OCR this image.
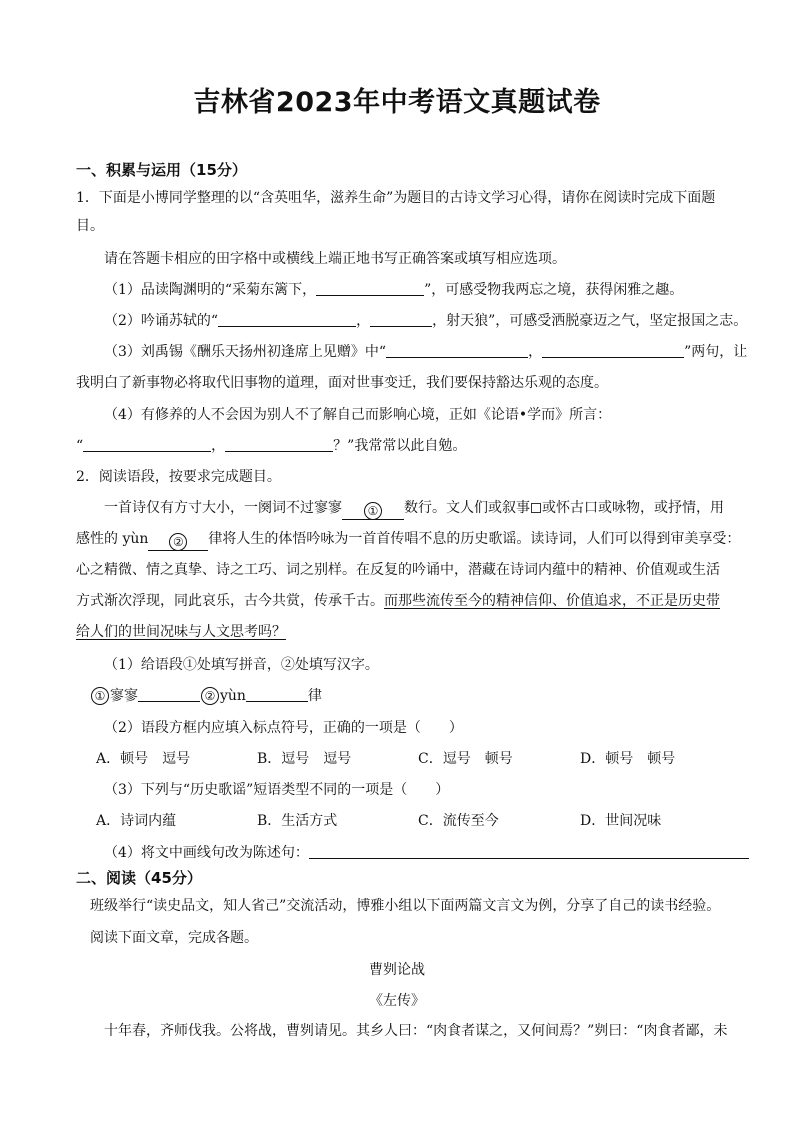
吉林省2023年中考语文真题试卷
一、积累与运用（15分）
1．下面是小博同学整理的以“含英咀华，滋养生命”为题目的古诗文学习心得，请你在阅读时完成下面题
目。
请在答题卡相应的田字格中或横线上端正地书写正确答案或填写相应选项。
（1）品读陶渊明的“采菊东篱下，	”，可感受物我两忘之境，获得闲雅之趣。
（2）吟诵苏轼的“	，	，射天狼”，可感受洒脱豪迈之气，坚定报国之志。
（3）刘禹锡《酬乐天扬州初逢席上见赠》中“	，	”两句，让
我明白了新事物必将取代旧事物的道理，面对世事变迁，我们要保持豁达乐观的态度。
（4）有修养的人不会因为别人不了解自己而影响心境，正如《论语•学而》所言：
“	，	？”我常常以此自勉。
2．阅读语段，按要求完成题目。
一首诗仅有方寸大小，一阕词不过寥寥 ① 数行。文人们或叙事 或怀古口或咏物，或抒情，用
感性的 yùn ② 律将人生的体悟吟咏为一首首传唱不息的历史歌谣。读诗词，人们可以得到审美享受：
心之精微、情之真挚、诗之工巧、词之别样。在反复的吟诵中，潜藏在诗词内蕴中的精神、价值观或生活
方式渐次浮现，同此哀乐，古今共赏，传承千古。而那些流传至今的精神信仰、价值追求，不正是历史带
给人们的世间况味与人文思考吗？
（1）给语段①处填写拼音，②处填写汉字。
① 寥寥	② yùn	律
（2）语段方框内应填入标点符号，正确的一项是（　　）
A．顿号　逗号	B．逗号　逗号	C．逗号　顿号	D．顿号　顿号
（3）下列与“历史歌谣”短语类型不同的一项是（　　）
A．诗词内蕴	B．生活方式	C．流传至今	D．世间况味
（4）将文中画线句改为陈述句：
二、阅读（45分）
班级举行“读史品文，知人省己”交流活动，博雅小组以下面两篇文言文为例，分享了自己的读书经验。
阅读下面文章，完成各题。
曹刿论战
《左传》
十年春，齐师伐我。公将战，曹刿请见。其乡人曰：“肉食者谋之，又何间焉？”刿曰：“肉食者鄙，未
